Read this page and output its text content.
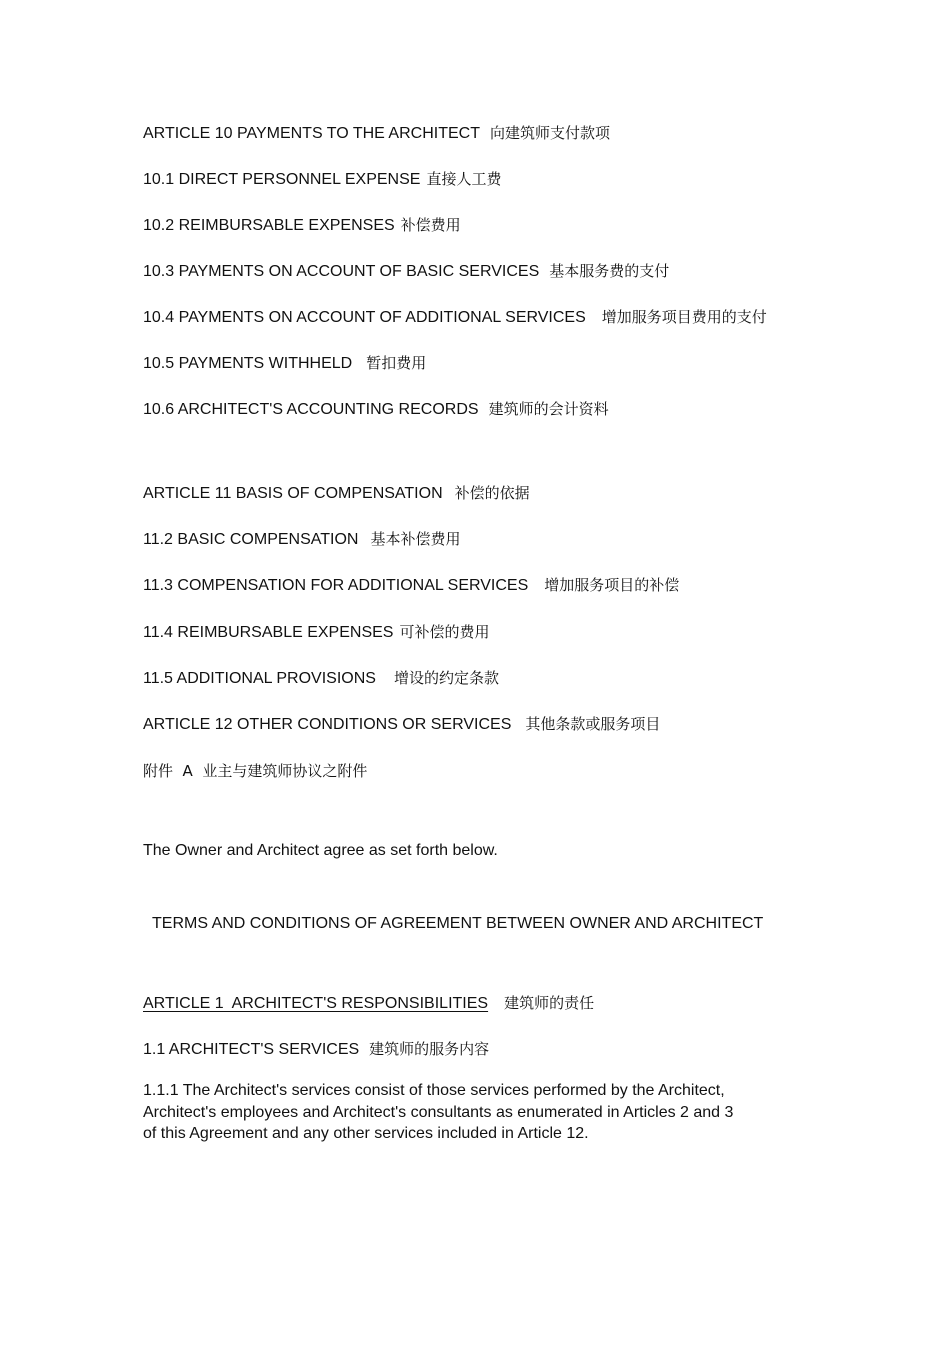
ARTICLE 10 PAYMENTS TO THE ARCHITECT 向建筑师支付款项
10.1 DIRECT PERSONNEL EXPENSE 直接人工费
10.2 REIMBURSABLE EXPENSES 补偿费用
10.3 PAYMENTS ON ACCOUNT OF BASIC SERVICES 基本服务费的支付
10.4 PAYMENTS ON ACCOUNT OF ADDITIONAL SERVICES 增加服务项目费用的支付
10.5 PAYMENTS WITHHELD 暂扣费用
10.6 ARCHITECT'S ACCOUNTING RECORDS 建筑师的会计资料
ARTICLE 11 BASIS OF COMPENSATION 补偿的依据
11.2 BASIC COMPENSATION 基本补偿费用
11.3 COMPENSATION FOR ADDITIONAL SERVICES 增加服务项目的补偿
11.4 REIMBURSABLE EXPENSES 可补偿的费用
11.5 ADDITIONAL PROVISIONS 增设的约定条款
ARTICLE 12 OTHER CONDITIONS OR SERVICES 其他条款或服务项目
附件  A  业主与建筑师协议之附件
The Owner and Architect agree as set forth below.
TERMS AND CONDITIONS OF AGREEMENT BETWEEN OWNER AND ARCHITECT
ARTICLE 1  ARCHITECT'S RESPONSIBILITIES 建筑师的责任
1.1 ARCHITECT'S SERVICES 建筑师的服务内容

1.1.1 The Architect's services consist of those services performed by the Architect,

Architect's employees and Architect's consultants as enumerated in Articles 2 and 3

of this Agreement and any other services included in Article 12.
